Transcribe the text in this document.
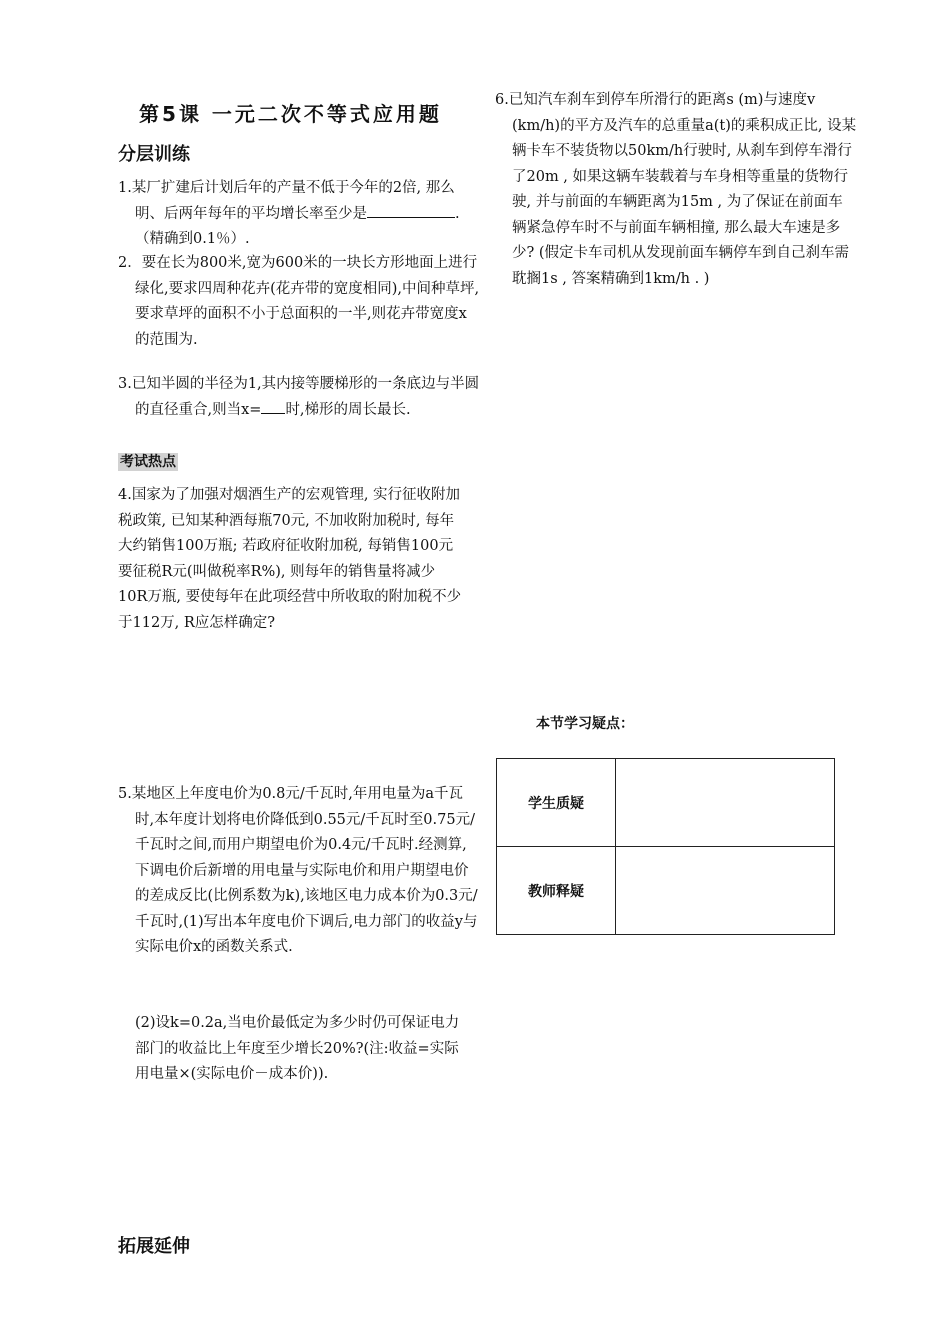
第5课 一元二次不等式应用题
分层训练

1.某厂扩建后计划后年的产量不低于今年的2倍, 那么明、后两年每年的平均增长率至少是	. （精确到0.1％）.

2．要在长为800米,宽为600米的一块长方形地面上进行绿化,要求四周种花卉(花卉带的宽度相同),中间种草坪,要求草坪的面积不小于总面积的一半,则花卉带宽度x的范围为.

3.已知半圆的半径为1,其内接等腰梯形的一条底边与半圆的直径重合,则当x= 时,梯形的周长最长.

考试热点

4.国家为了加强对烟酒生产的宏观管理, 实行征收附加税政策, 已知某种酒每瓶70元, 不加收附加税时, 每年大约销售100万瓶; 若政府征收附加税, 每销售100元要征税R元(叫做税率R%), 则每年的销售量将减少10R万瓶, 要使每年在此项经营中所收取的附加税不少于112万, R应怎样确定?

5.某地区上年度电价为0.8元/千瓦时,年用电量为a千瓦时,本年度计划将电价降低到0.55元/千瓦时至0.75元/千瓦时之间,而用户期望电价为0.4元/千瓦时.经测算,下调电价后新增的用电量与实际电价和用户期望电价的差成反比(比例系数为k),该地区电力成本价为0.3元/千瓦时,(1)写出本年度电价下调后,电力部门的收益y与实际电价x的函数关系式.

(2)设k=0.2a,当电价最低定为多少时仍可保证电力部门的收益比上年度至少增长20%?(注:收益=实际用电量×(实际电价－成本价)).

6.已知汽车刹车到停车所滑行的距离s (m)与速度v (km/h)的平方及汽车的总重量a(t)的乘积成正比, 设某辆卡车不装货物以50km/h行驶时, 从刹车到停车滑行了20m , 如果这辆车装载着与车身相等重量的货物行驶, 并与前面的车辆距离为15m , 为了保证在前面车辆紧急停车时不与前面车辆相撞, 那么最大车速是多少? (假定卡车司机从发现前面车辆停车到自己刹车需耽搁1s , 答案精确到1km/h . )

本节学习疑点：
学生质疑	
教师释疑	
拓展延伸
